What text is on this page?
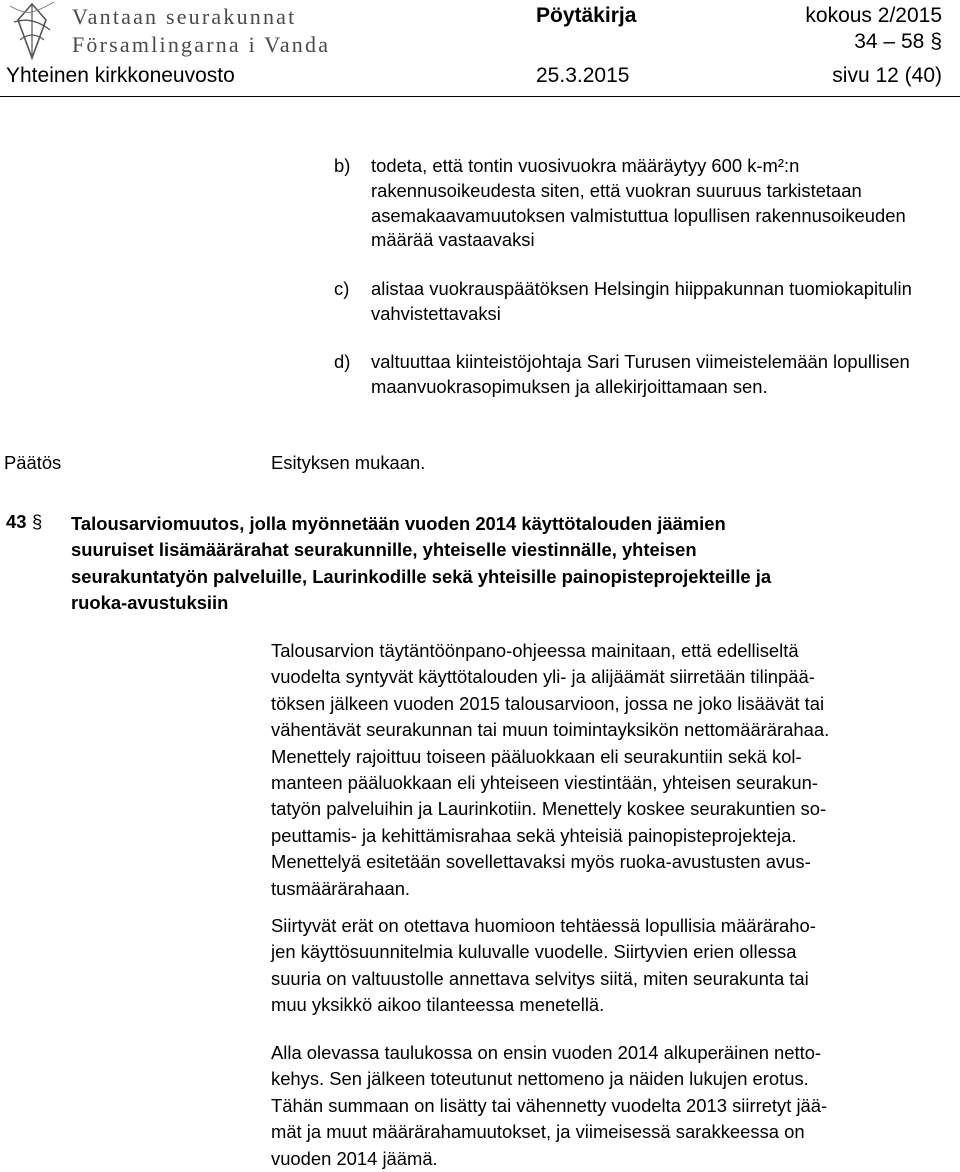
Vantaan seurakunnat
Församlingarna i Vanda
Pöytäkirja	kokous 2/2015
34 – 58 §
Yhteinen kirkkoneuvosto	25.3.2015	sivu 12 (40)
b) todeta, että tontin vuosivuokra määräytyy 600 k-m²:n rakennusoikeudesta siten, että vuokran suuruus tarkistetaan asemakaavamuutoksen valmistuttua lopullisen rakennusoikeuden määrää vastaavaksi
c) alistaa vuokrauspäätöksen Helsingin hiippakunnan tuomiokapitulin vahvistettavaksi
d) valtuuttaa kiinteistöjohtaja Sari Turusen viimeistelemään lopullisen maanvuokrasopimuksen ja allekirjoittamaan sen.
Päätös	Esityksen mukaan.
43 § Talousarviomuutos, jolla myönnetään vuoden 2014 käyttötalouden jäämien
suuruiset lisämäärärahat seurakunnille, yhteiselle viestinnälle, yhteisen
seurakuntatyön palveluille, Laurinkodille sekä yhteisille painopisteprojekteille ja
ruoka-avustuksiin
Talousarvion täytäntöönpano-ohjeessa mainitaan, että edelliseltä
vuodelta syntyvät käyttötalouden yli- ja alijäämät siirretään tilinpää-
töksen jälkeen vuoden 2015 talousarvioon, jossa ne joko lisäävät tai
vähentävät seurakunnan tai muun toimintayksikön nettomäärärahaa.
Menettely rajoittuu toiseen pääluokkaan eli seurakuntiin sekä kol-
manteen pääluokkaan eli yhteiseen viestintään, yhteisen seurakun-
tatyön palveluihin ja Laurinkotiin. Menettely koskee seurakuntien so-
peuttamis- ja kehittämisrahaa sekä yhteisiä painopisteprojekteja.
Menettelyä esitetään sovellettavaksi myös ruoka-avustusten avus-
tusmäärärahaan.
Siirtyvät erät on otettava huomioon tehtäessä lopullisia määräraho-
jen käyttösuunnitelmia kuluvalle vuodelle. Siirtyvien erien ollessa
suuria on valtuustolle annettava selvitys siitä, miten seurakunta tai
muu yksikkö aikoo tilanteessa menetellä.
Alla olevassa taulukossa on ensin vuoden 2014 alkuperäinen netto-
kehys. Sen jälkeen toteutunut nettomeno ja näiden lukujen erotus.
Tähän summaan on lisätty tai vähennetty vuodelta 2013 siirretyt jää-
mät ja muut määrärahamuutokset, ja viimeisessä sarakkeessa on
vuoden 2014 jäämä.
